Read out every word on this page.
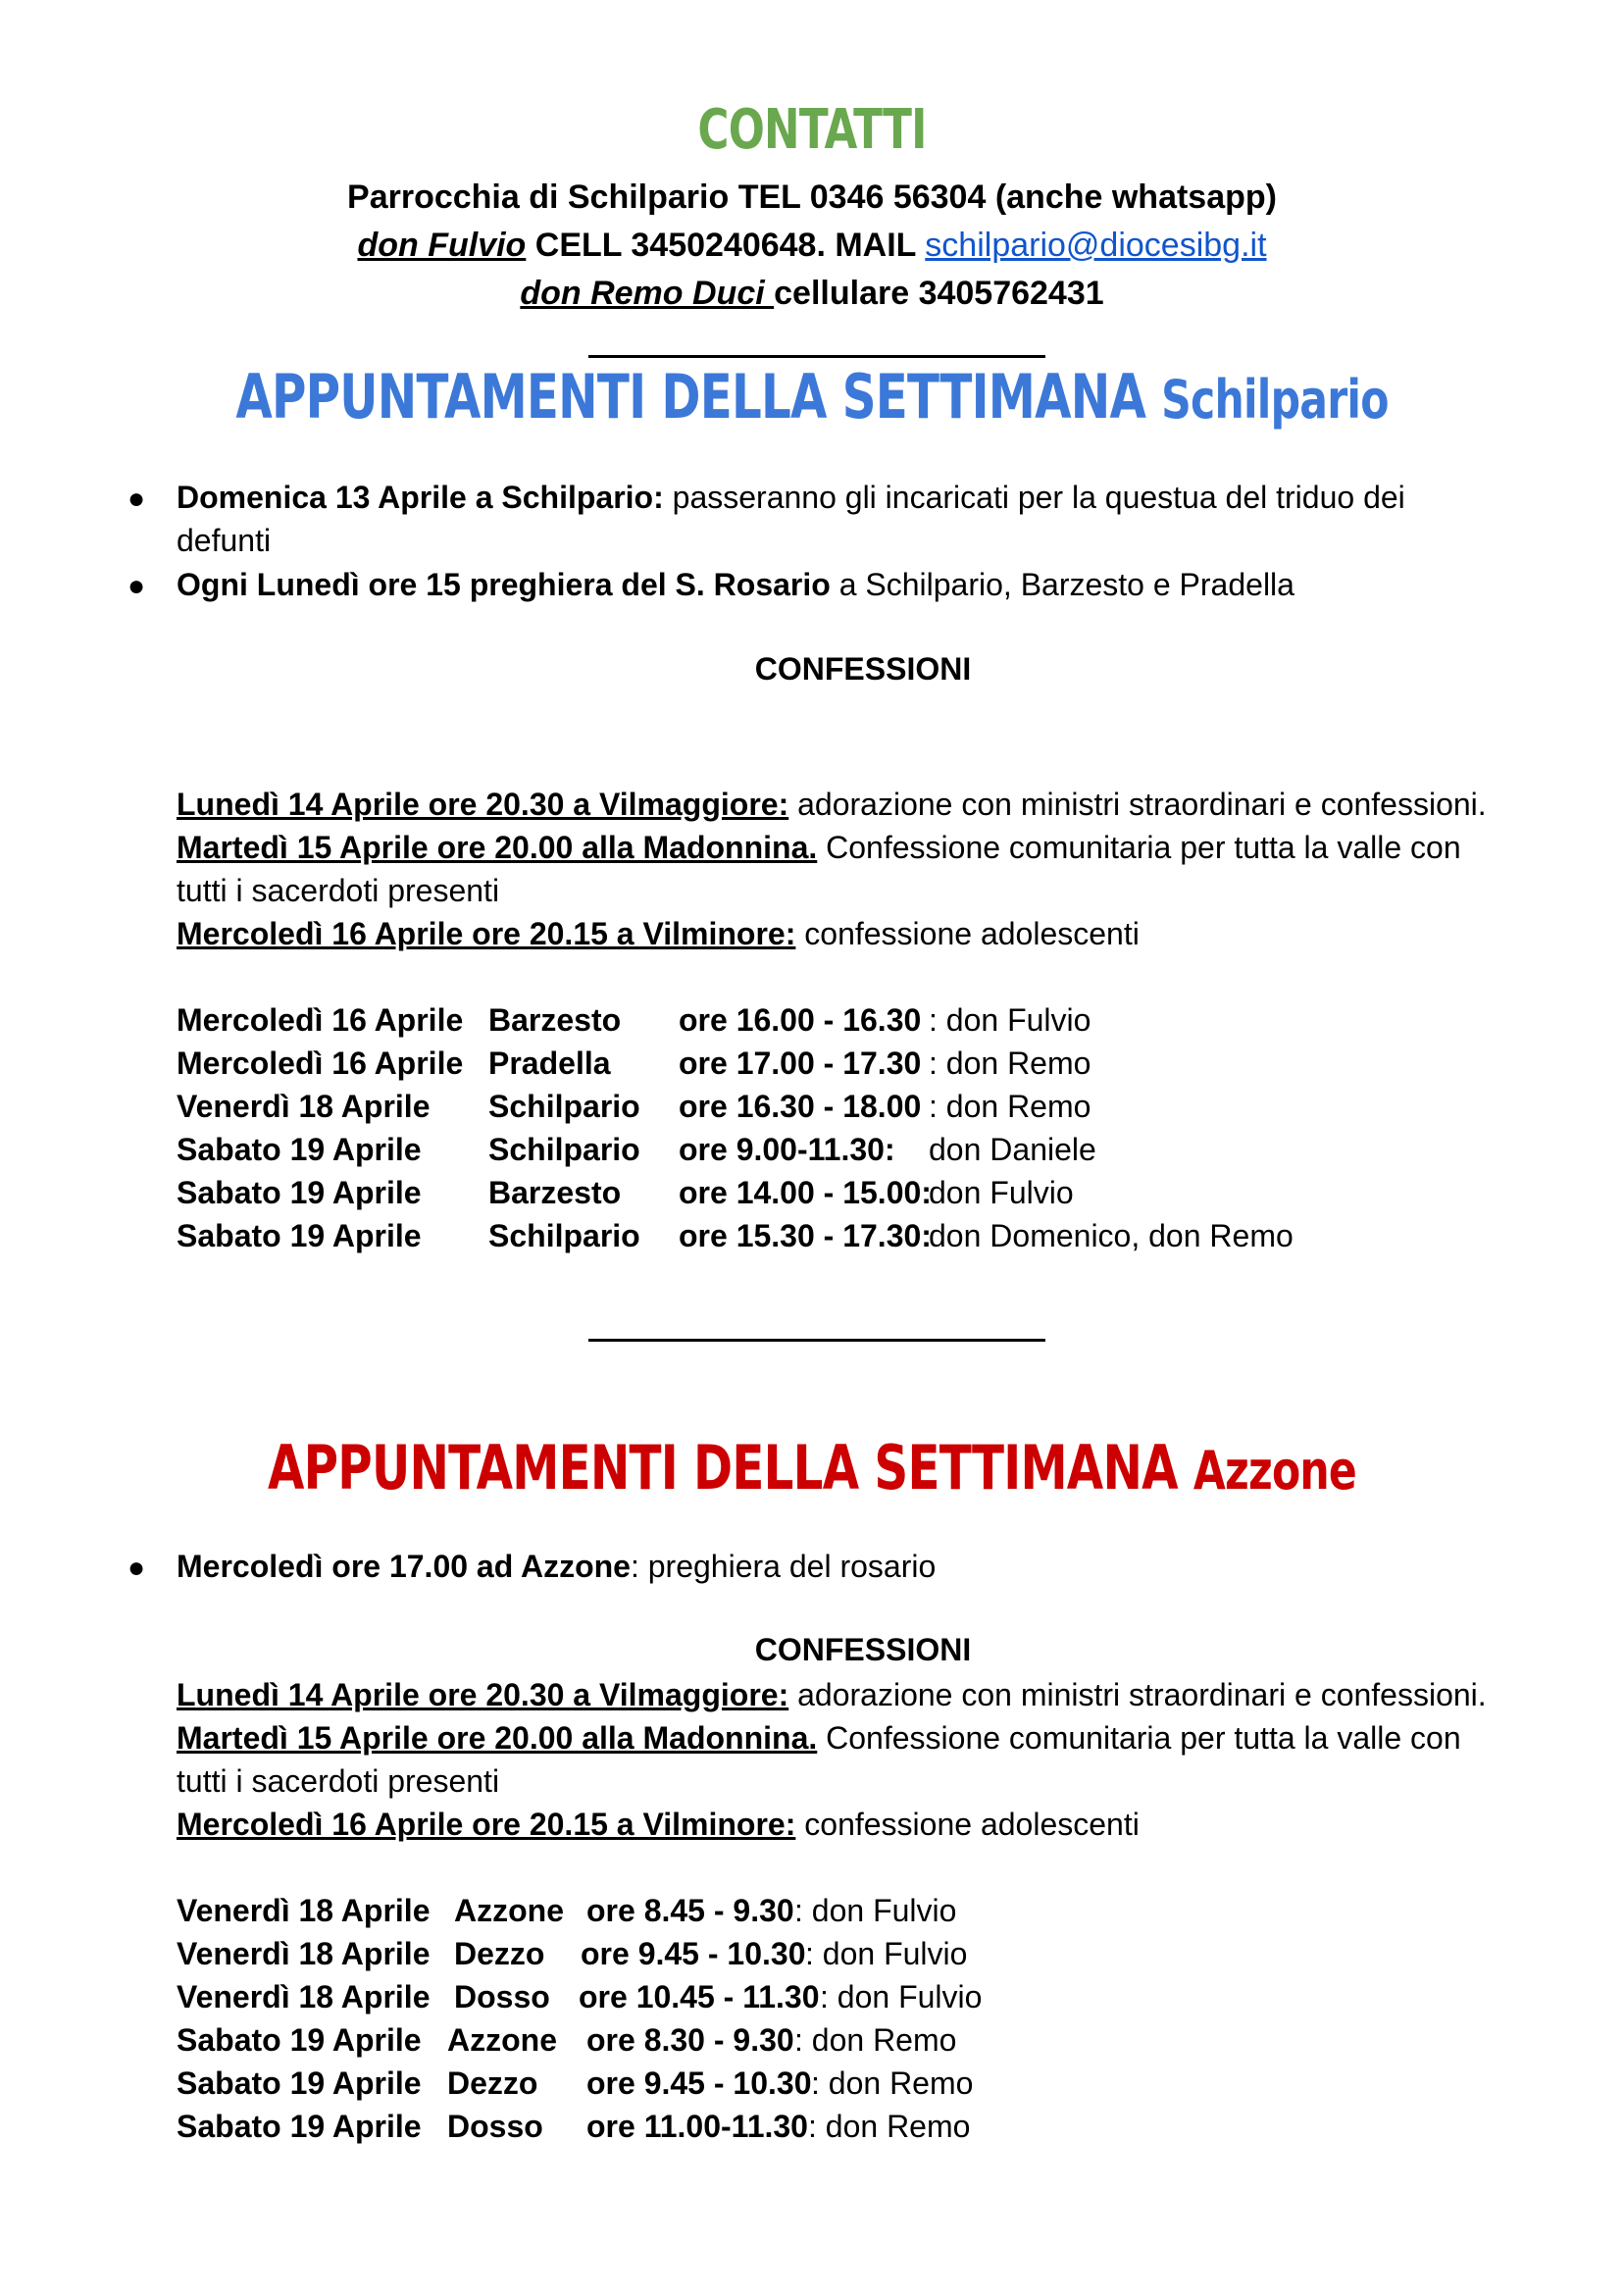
CONTATTI
Parrocchia di Schilpario TEL 0346 56304 (anche whatsapp)
don Fulvio CELL 3450240648. MAIL schilpario@diocesibg.it
don Remo Duci cellulare 3405762431
APPUNTAMENTI DELLA SETTIMANA Schilpario
● Domenica 13 Aprile a Schilpario: passeranno gli incaricati per la questua del triduo dei
defunti
● Ogni Lunedì ore 15 preghiera del S. Rosario a Schilpario, Barzesto e Pradella
CONFESSIONI
Lunedì 14 Aprile ore 20.30 a Vilmaggiore: adorazione con ministri straordinari e confessioni.
Martedì 15 Aprile ore 20.00 alla Madonnina. Confessione comunitaria per tutta la valle con
tutti i sacerdoti presenti
Mercoledì 16 Aprile ore 20.15 a Vilminore: confessione adolescenti
Mercoledì 16 Aprile Barzesto ore 16.00 - 16.30 : don Fulvio
Mercoledì 16 Aprile Pradella ore 17.00 - 17.30 : don Remo
Venerdì 18 Aprile Schilpario ore 16.30 - 18.00 : don Remo
Sabato 19 Aprile Schilpario ore 9.00-11.30: don Daniele
Sabato 19 Aprile Barzesto ore 14.00 - 15.00:
don Fulvio
Sabato 19 Aprile Schilpario ore 15.30 - 17.30:
don Domenico, don Remo
APPUNTAMENTI DELLA SETTIMANA Azzone
● Mercoledì ore 17.00 ad Azzone: preghiera del rosario
CONFESSIONI
Lunedì 14 Aprile ore 20.30 a Vilmaggiore: adorazione con ministri straordinari e confessioni.
Martedì 15 Aprile ore 20.00 alla Madonnina. Confessione comunitaria per tutta la valle con
tutti i sacerdoti presenti
Mercoledì 16 Aprile ore 20.15 a Vilminore: confessione adolescenti
Venerdì 18 Aprile Azzone ore 8.45 - 9.30 : don Fulvio
Venerdì 18 Aprile Dezzo ore 9.45 - 10.30 : don Fulvio
Venerdì 18 Aprile Dosso ore 10.45 - 11.30 : don Fulvio
Sabato 19 Aprile Azzone ore 8.30 - 9.30 : don Remo
Sabato 19 Aprile Dezzo ore 9.45 - 10.30 : don Remo
Sabato 19 Aprile Dosso ore 11.00-11.30 : don Remo
